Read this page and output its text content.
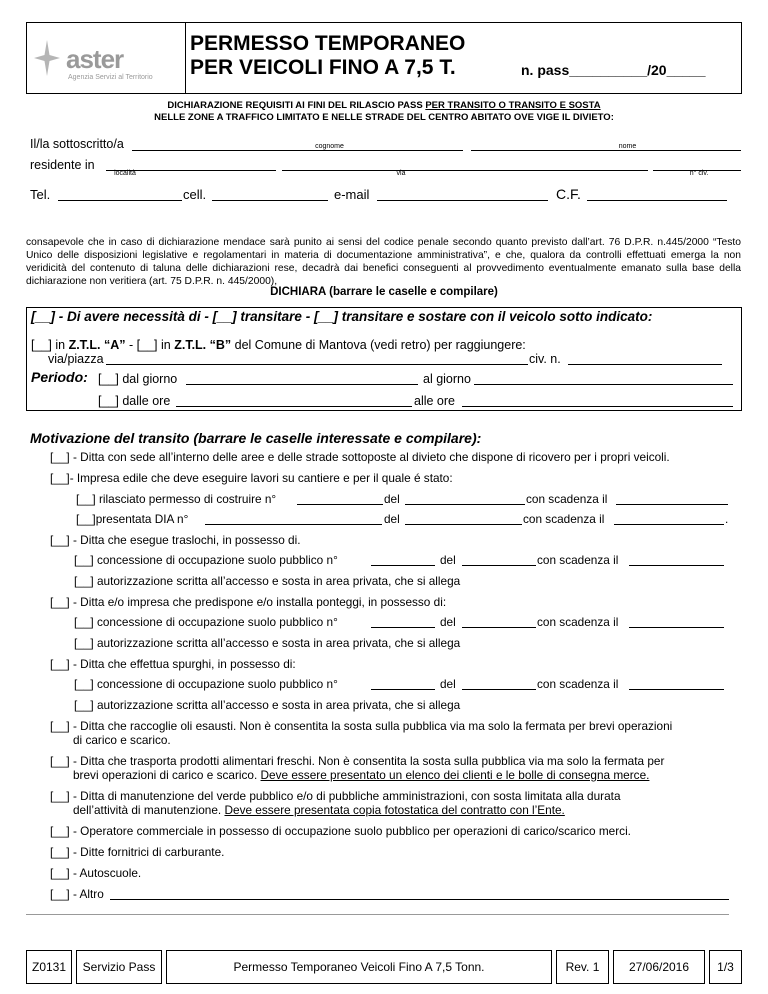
aster
Agenzia Servizi al Territorio
PERMESSO TEMPORANEO
PER VEICOLI FINO A 7,5 T.	n. pass__________/20_____
DICHIARAZIONE REQUISITI AI FINI DEL RILASCIO PASS PER TRANSITO O TRANSITO E SOSTA
NELLE ZONE A TRAFFICO LIMITATO E NELLE STRADE DEL CENTRO ABITATO OVE VIGE IL DIVIETO:
Il/la sottoscritto/a	cognome	nome
residente in
località	via	n° civ.
Tel.	cell.	e-mail	C.F.
consapevole che in caso di dichiarazione mendace sarà punito ai sensi del codice penale secondo quanto previsto dall’art. 76 D.P.R. n.445/2000 “Testo Unico delle disposizioni legislative e regolamentari in materia di documentazione amministrativa”, e che, qualora da controlli effettuati emerga la non veridicità del contenuto di taluna delle dichiarazioni rese, decadrà dai benefici conseguenti al provvedimento eventualmente emanato sulla base della dichiarazione non veritiera (art. 75 D.P.R. n. 445/2000),
DICHIARA (barrare le caselle e compilare)
[__] - Di avere necessità di - [__] transitare - [__] transitare e sostare con il veicolo sotto indicato:
[__] in Z.T.L. “A” - [__] in Z.T.L. “B” del Comune di Mantova (vedi retro) per raggiungere:
via/piazza	civ. n.
Periodo: [__] dal giorno	al giorno
[__] dalle ore	alle ore
Motivazione del transito (barrare le caselle interessate e compilare):
[__] - Ditta con sede all’interno delle aree e delle strade sottoposte al divieto che dispone di ricovero per i propri veicoli.
[__]- Impresa edile che deve eseguire lavori su cantiere e per il quale é stato:
[__] rilasciato permesso di costruire n°	del	con scadenza il
[__]presentata DIA n°	del	con scadenza il	.
[__] - Ditta che esegue traslochi, in possesso di.
[__] concessione di occupazione suolo pubblico n°	del	con scadenza il
[__] autorizzazione scritta all’accesso e sosta in area privata, che si allega
[__] - Ditta e/o impresa che predispone e/o installa ponteggi, in possesso di:
[__] concessione di occupazione suolo pubblico n°	del	con scadenza il
[__] autorizzazione scritta all’accesso e sosta in area privata, che si allega
[__] - Ditta che effettua spurghi, in possesso di:
[__] concessione di occupazione suolo pubblico n°	del	con scadenza il
[__] autorizzazione scritta all’accesso e sosta in area privata, che si allega
[__] - Ditta che raccoglie oli esausti. Non è consentita la sosta sulla pubblica via ma solo la fermata per brevi operazioni
di carico e scarico.
[__] - Ditta che trasporta prodotti alimentari freschi. Non è consentita la sosta sulla pubblica via ma solo la fermata per
brevi operazioni di carico e scarico. Deve essere presentato un elenco dei clienti e le bolle di consegna merce.
[__] - Ditta di manutenzione del verde pubblico e/o di pubbliche amministrazioni, con sosta limitata alla durata
dell’attività di manutenzione. Deve essere presentata copia fotostatica del contratto con l’Ente.
[__] - Operatore commerciale in possesso di occupazione suolo pubblico per operazioni di carico/scarico merci.
[__] - Ditte fornitrici di carburante.
[__] - Autoscuole.
[__] - Altro
Z0131	Servizio Pass	Permesso Temporaneo Veicoli Fino A 7,5 Tonn.	Rev. 1	27/06/2016	1/3
